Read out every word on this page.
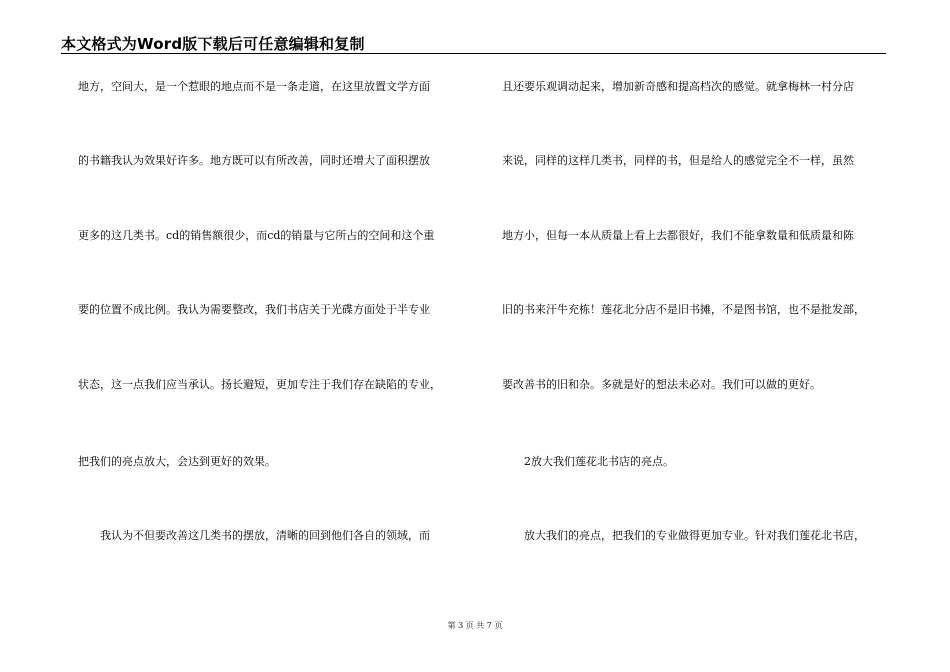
本文格式为Word版下载后可任意编辑和复制
地方，空间大，是一个惹眼的地点而不是一条走道，在这里放置文学方面
的书籍我认为效果好许多。地方既可以有所改善，同时还增大了面积摆放
更多的这几类书。cd的销售额很少，而cd的销量与它所占的空间和这个重
要的位置不成比例。我认为需要整改，我们书店关于光碟方面处于半专业
状态，这一点我们应当承认。扬长避短，更加专注于我们存在缺陷的专业，
把我们的亮点放大，会达到更好的效果。
我认为不但要改善这几类书的摆放，清晰的回到他们各自的领域，而
且还要乐观调动起来，增加新奇感和提高档次的感觉。就拿梅林一村分店
来说，同样的这样几类书，同样的书，但是给人的感觉完全不一样，虽然
地方小，但每一本从质量上看上去都很好，我们不能拿数量和低质量和陈
旧的书来汗牛充栋！莲花北分店不是旧书摊，不是图书馆，也不是批发部，
要改善书的旧和杂。多就是好的想法未必对。我们可以做的更好。
2放大我们莲花北书店的亮点。
放大我们的亮点，把我们的专业做得更加专业。针对我们莲花北书店，
第 3 页 共 7 页
